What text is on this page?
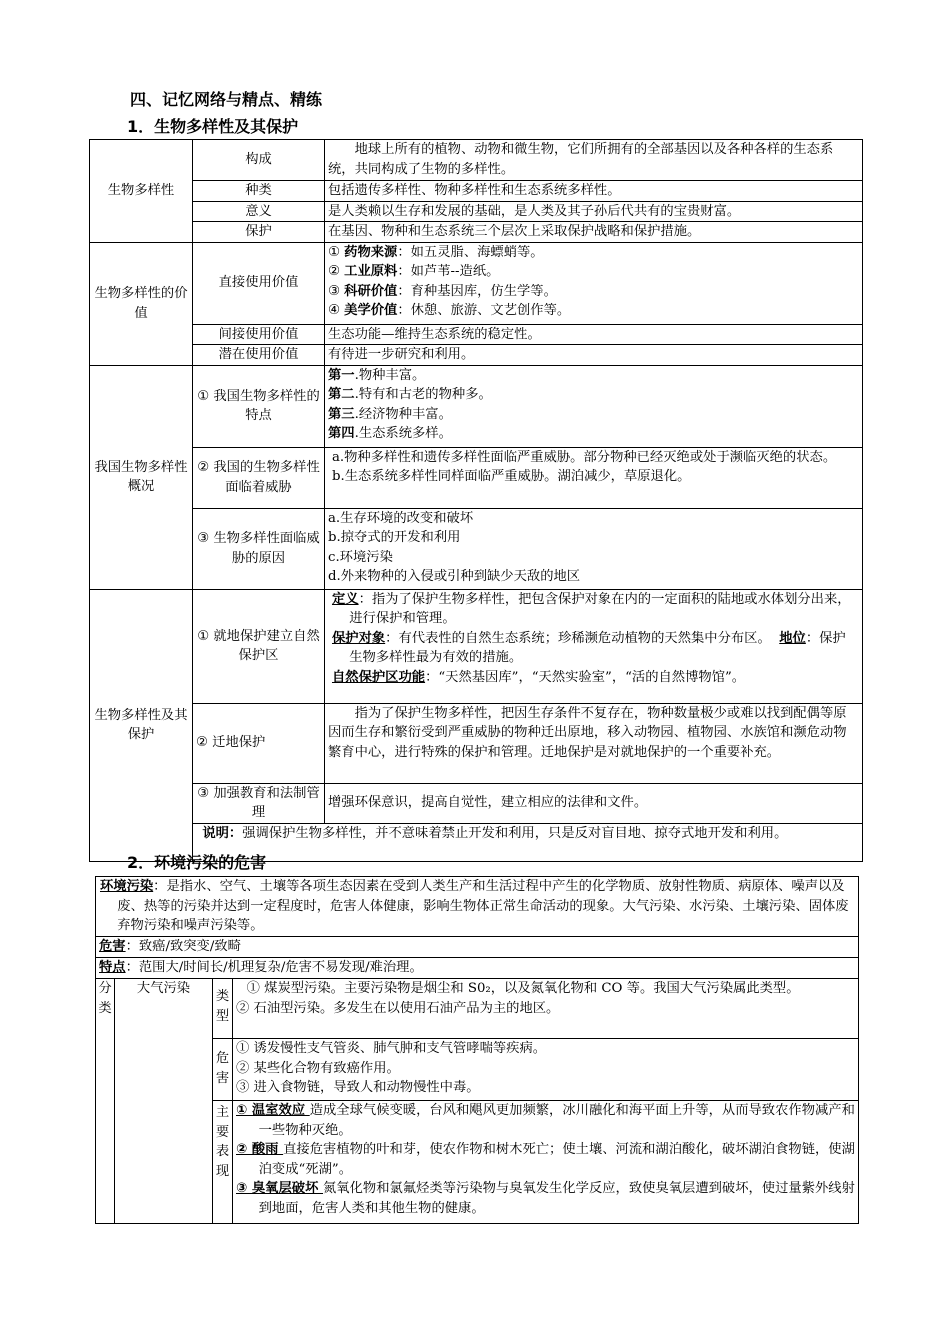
四、记忆网络与精点、精练
1．生物多样性及其保护
生物多样性	构成	地球上所有的植物、动物和微生物，它们所拥有的全部基因以及各种各样的生态系统，共同构成了生物的多样性。
	种类	包括遗传多样性、物种多样性和生态系统多样性。
	意义	是人类赖以生存和发展的基础，是人类及其子孙后代共有的宝贵财富。
	保护	在基因、物种和生态系统三个层次上采取保护战略和保护措施。
生物多样性的价值	直接使用价值	① 药物来源：如五灵脂、海螵蛸等。
② 工业原料：如芦苇--造纸。
③ 科研价值：育种基因库，仿生学等。
④ 美学价值：休憩、旅游、文艺创作等。

	间接使用价值	生态功能—维持生态系统的稳定性。
	潜在使用价值	有待进一步研究和利用。
我国生物多样性概况	① 我国生物多样性的特点	第一.物种丰富。
第二.特有和古老的物种多。
第三.经济物种丰富。
第四.生态系统多样。

	② 我国的生物多样性面临着威胁	a.物种多样性和遗传多样性面临严重威胁。部分物种已经灭绝或处于濒临灭绝的状态。
b.生态系统多样性同样面临严重威胁。湖泊减少，草原退化。

	③ 生物多样性面临威胁的原因	a.生存环境的改变和破坏
b.掠夺式的开发和利用
c.环境污染
d.外来物种的入侵或引种到缺少天敌的地区

生物多样性及其保护	① 就地保护建立自然保护区	定义：指为了保护生物多样性，把包含保护对象在内的一定面积的陆地或水体划分出来，进行保护和管理。
保护对象：有代表性的自然生态系统；珍稀濒危动植物的天然集中分布区。 地位：保护生物多样性最为有效的措施。
自然保护区功能：“天然基因库”，“天然实验室”，“活的自然博物馆”。

	② 迁地保护	指为了保护生物多样性，把因生存条件不复存在，物种数量极少或难以找到配偶等原因而生存和繁衍受到严重威胁的物种迁出原地，移入动物园、植物园、水族馆和濒危动物繁育中心，进行特殊的保护和管理。迁地保护是对就地保护的一个重要补充。
	③ 加强教育和法制管理	增强环保意识，提高自觉性，建立相应的法律和文件。
	说明：强调保护生物多样性，并不意味着禁止开发和利用，只是反对盲目地、掠夺式地开发和利用。	
2．环境污染的危害
环境污染：是指水、空气、土壤等各项生态因素在受到人类生产和生活过程中产生的化学物质、放射性物质、病原体、噪声以及废、热等的污染并达到一定程度时，危害人体健康，影响生物体正常生命活动的现象。大气污染、水污染、土壤污染、固体废弃物污染和噪声污染等。			
危害：致癌/致突变/致畸			
特点：范围大/时间长/机理复杂/危害不易发现/难治理。			

分类	大气污染	类型	① 煤炭型污染。主要污染物是烟尘和 S0₂，以及氮氧化物和 CO 等。我国大气污染属此类型。
② 石油型污染。多发生在以使用石油产品为主的地区。

		危害	① 诱发慢性支气管炎、肺气肿和支气管哮喘等疾病。
② 某些化合物有致癌作用。
③ 进入食物链，导致人和动物慢性中毒。

		主要表现	① 温室效应 造成全球气候变暖，台风和飓风更加频繁，冰川融化和海平面上升等，从而导致农作物减产和一些物种灭绝。
② 酸雨 直接危害植物的叶和芽，使农作物和树木死亡；使土壤、河流和湖泊酸化，破坏湖泊食物链，使湖泊变成“死湖”。
③ 臭氧层破坏 氮氧化物和氯氟烃类等污染物与臭氧发生化学反应，致使臭氧层遭到破坏，使过量紫外线射到地面，危害人类和其他生物的健康。
